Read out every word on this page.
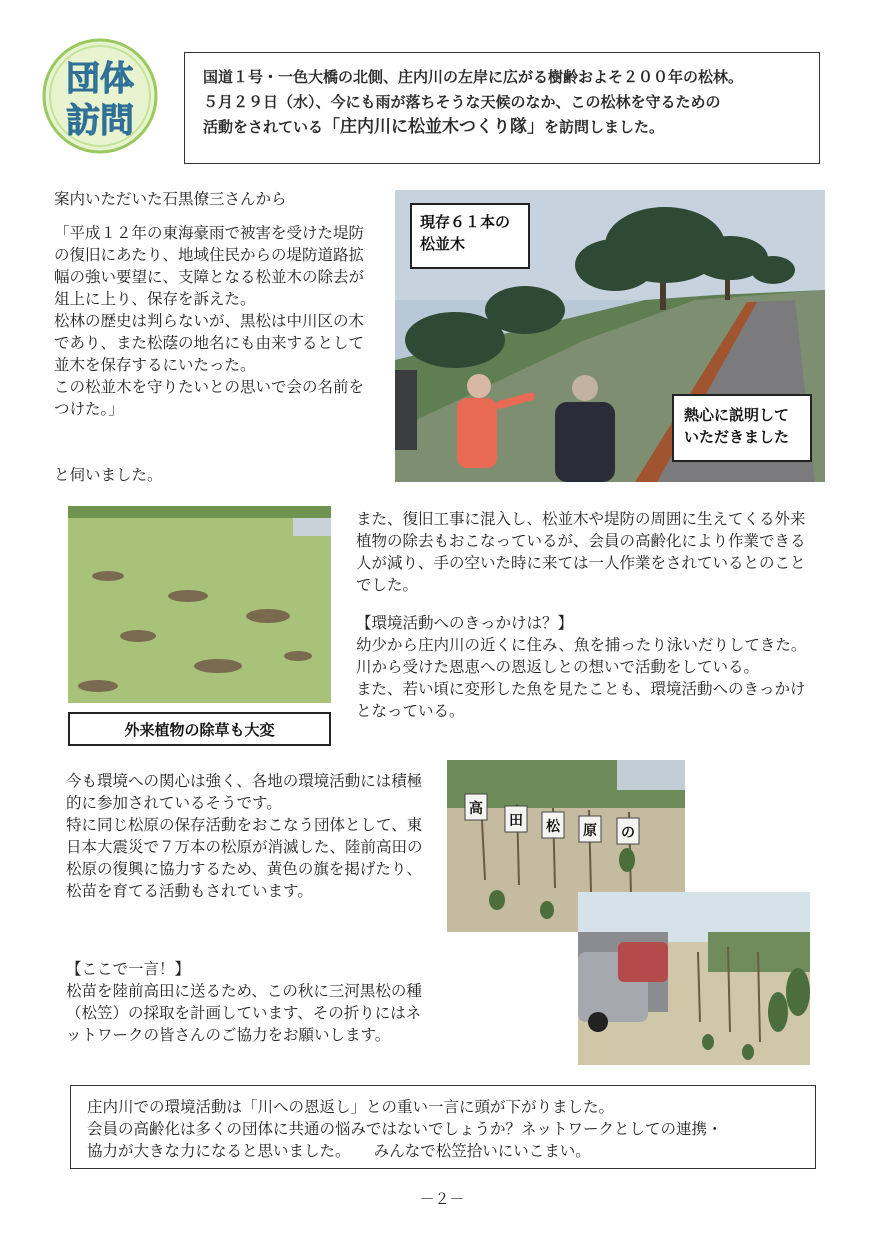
団体
訪問
国道１号・一色大橋の北側、庄内川の左岸に広がる樹齢およそ２００年の松林。
５月２９日（水）、今にも雨が落ちそうな天候のなか、この松林を守るための
活動をされている「庄内川に松並木つくり隊」を訪問しました。
案内いただいた石黒僚三さんから
「平成１２年の東海豪雨で被害を受けた堤防の復旧にあたり、地域住民からの堤防道路拡幅の強い要望に、支障となる松並木の除去が俎上に上り、保存を訴えた。
松林の歴史は判らないが、黒松は中川区の木であり、また松蔭の地名にも由来するとして並木を保存するにいたった。
この松並木を守りたいとの思いで会の名前をつけた。」
と伺いました。
現存６１本の
松並木
熱心に説明して
いただきました
また、復旧工事に混入し、松並木や堤防の周囲に生えてくる外来植物の除去もおこなっているが、会員の高齢化により作業できる人が減り、手の空いた時に来ては一人作業をされているとのことでした。
【環境活動へのきっかけは？】
幼少から庄内川の近くに住み、魚を捕ったり泳いだりしてきた。
川から受けた恩恵への恩返しとの想いで活動をしている。
また、若い頃に変形した魚を見たことも、環境活動へのきっかけとなっている。
外来植物の除草も大変
今も環境への関心は強く、各地の環境活動には積極的に参加されているそうです。
特に同じ松原の保存活動をおこなう団体として、東日本大震災で７万本の松原が消滅した、陸前高田の松原の復興に協力するため、黄色の旗を掲げたり、松苗を育てる活動もされています。
【ここで一言！】
松苗を陸前高田に送るため、この秋に三河黒松の種（松笠）の採取を計画しています、その折りにはネットワークの皆さんのご協力をお願いします。
高
田 松 原 の
庄内川での環境活動は「川への恩返し」との重い一言に頭が下がりました。
会員の高齢化は多くの団体に共通の悩みではないでしょうか？ネットワークとしての連携・
協力が大きな力になると思いました。　　みんなで松笠拾いにいこまい。
－２－
